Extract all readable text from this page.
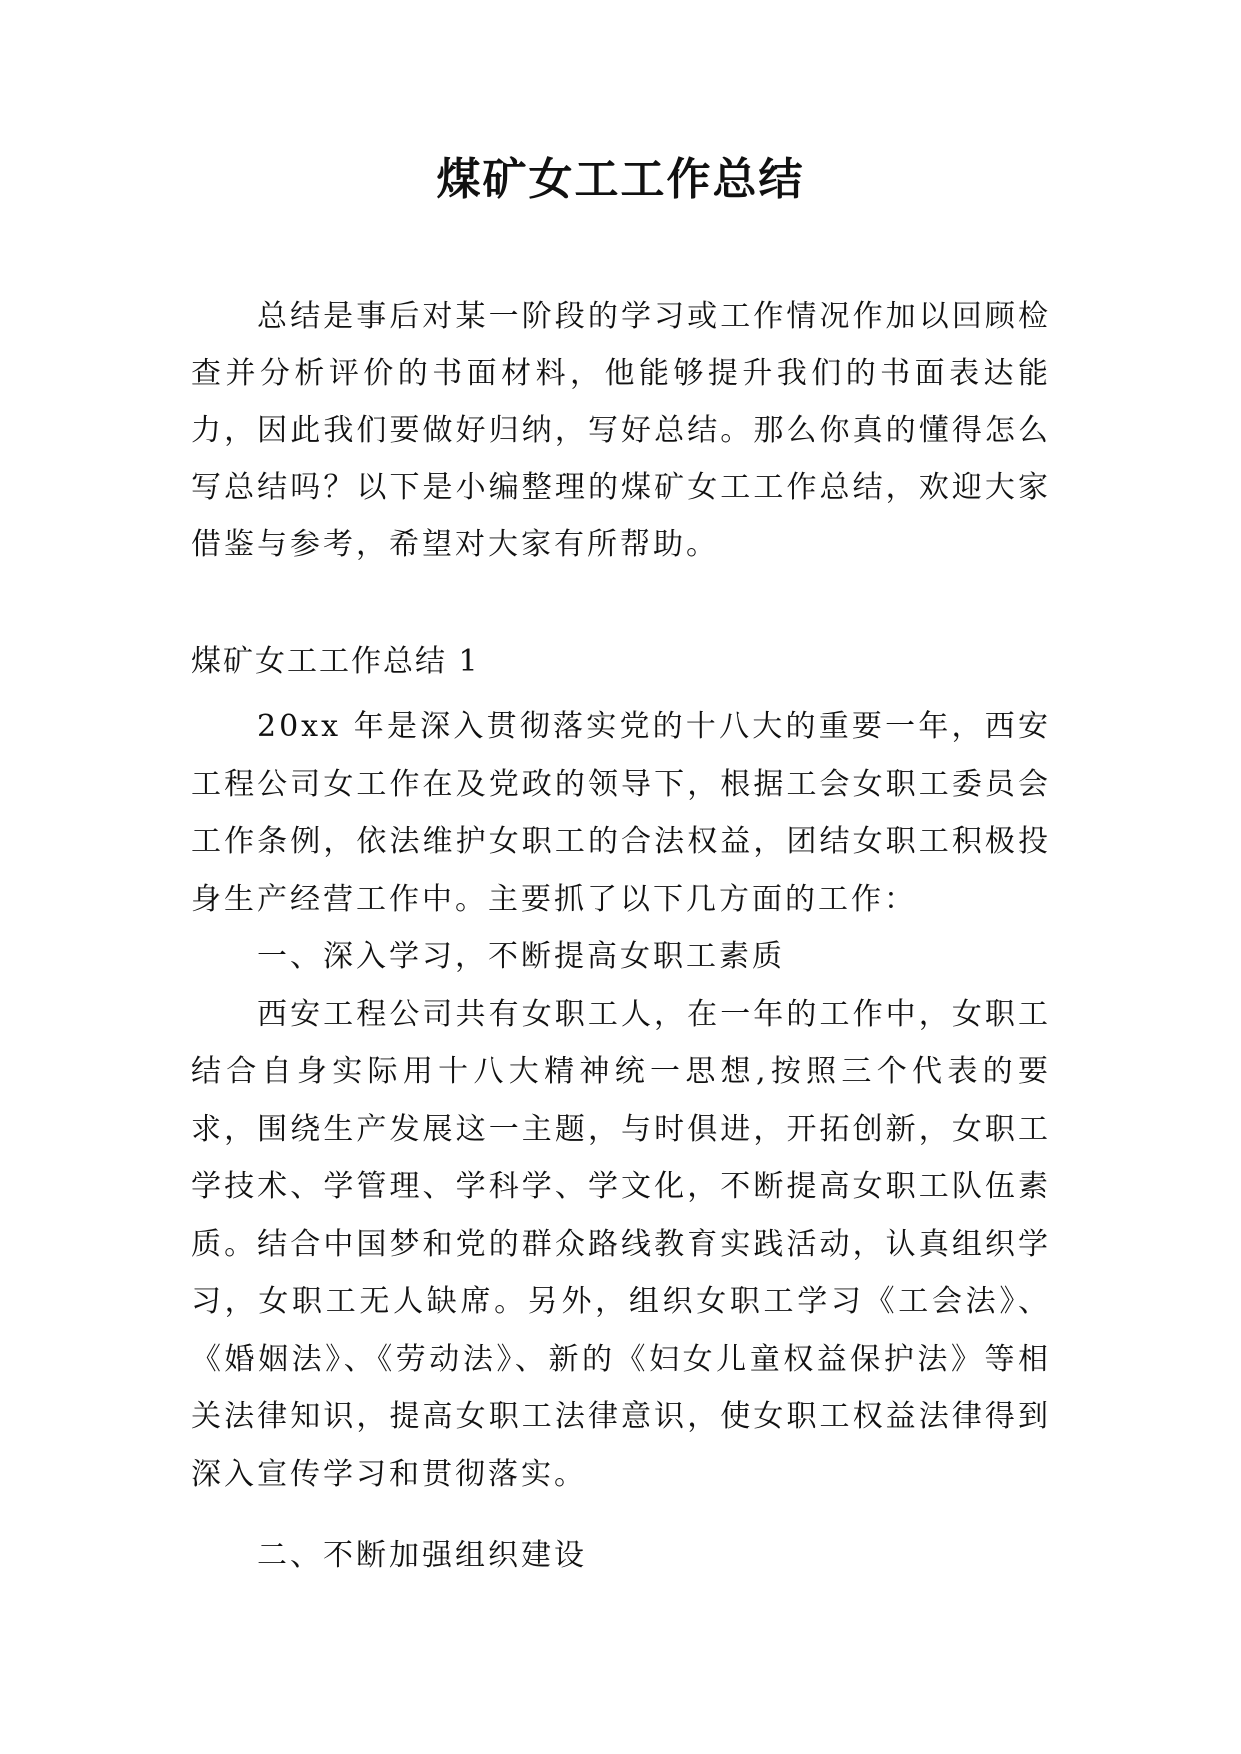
煤矿女工工作总结
总结是事后对某一阶段的学习或工作情况作加以回顾检查并分析评价的书面材料，他能够提升我们的书面表达能力，因此我们要做好归纳，写好总结。那么你真的懂得怎么写总结吗？以下是小编整理的煤矿女工工作总结，欢迎大家借鉴与参考，希望对大家有所帮助。
煤矿女工工作总结 1

20xx 年是深入贯彻落实党的十八大的重要一年，西安工程公司女工作在及党政的领导下，根据工会女职工委员会工作条例，依法维护女职工的合法权益，团结女职工积极投身生产经营工作中。主要抓了以下几方面的工作：

一、深入学习，不断提高女职工素质

西安工程公司共有女职工人，在一年的工作中，女职工结合自身实际用十八大精神统一思想,按照三个代表的要求，围绕生产发展这一主题，与时俱进，开拓创新，女职工学技术、学管理、学科学、学文化，不断提高女职工队伍素质。结合中国梦和党的群众路线教育实践活动，认真组织学习，女职工无人缺席。另外，组织女职工学习《工会法》、《婚姻法》、《劳动法》、新的《妇女儿童权益保护法》等相关法律知识，提高女职工法律意识，使女职工权益法律得到深入宣传学习和贯彻落实。

二、不断加强组织建设
